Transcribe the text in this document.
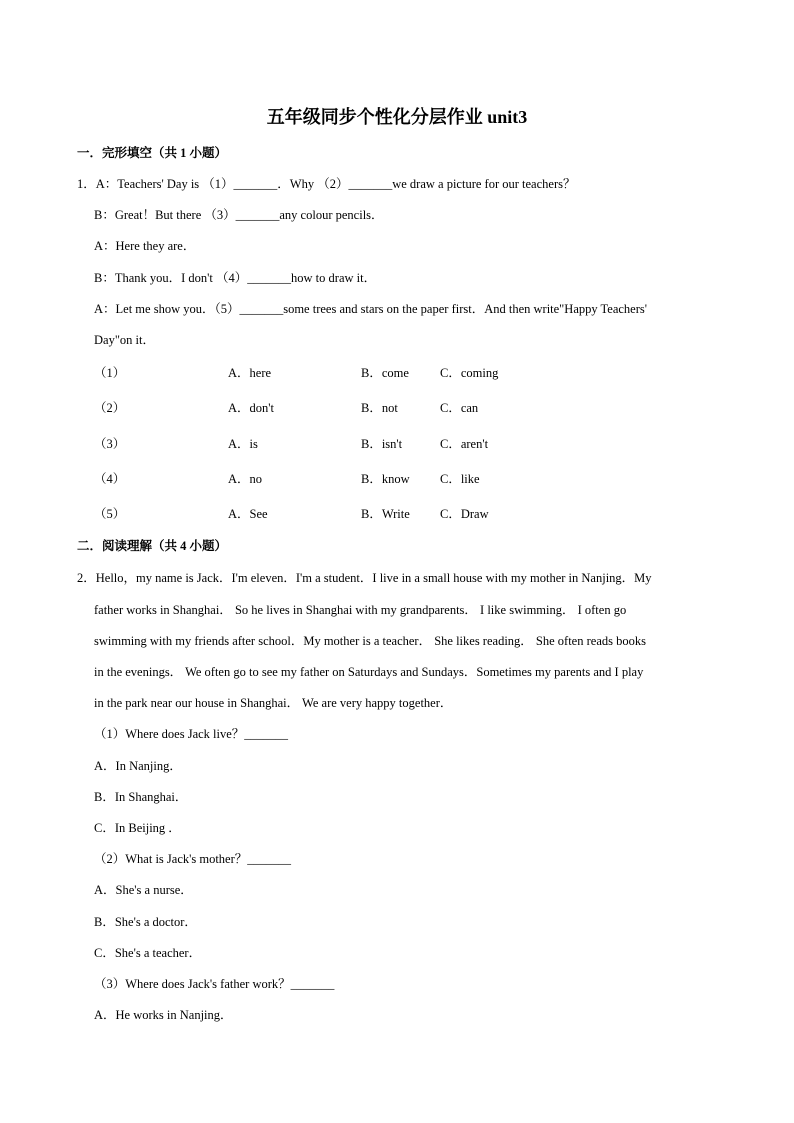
五年级同步个性化分层作业 unit3
一．完形填空（共 1 小题）
1．A：Teachers' Day is （1）_______．Why （2）_______we draw a picture for our teachers？
B：Great！But there （3）_______any colour pencils．
A：Here they are．
B：Thank you．I don't （4）_______how to draw it．
A：Let me show you．（5）_______some trees and stars on the paper first．And then write"Happy Teachers'
Day"on it．
（1）	A．here	B．come C．coming
（2）	A．don't	B．not	C．can
（3）	A．is	B．isn't	C．aren't
（4）	A．no	B．know C．like
（5）	A．See	B．Write C．Draw
二．阅读理解（共 4 小题）
2．Hello，my name is Jack．I'm eleven．I'm a student．I live in a small house with my mother in Nanjing．My
father works in Shanghai． So he lives in Shanghai with my grandparents． I like swimming． I often go
swimming with my friends after school．My mother is a teacher． She likes reading． She often reads books
in the evenings． We often go to see my father on Saturdays and Sundays．Sometimes my parents and I play
in the park near our house in Shanghai． We are very happy together．
（1）Where does Jack live？_______
A．In Nanjing．
B．In Shanghai．
C．In Beijing ．
（2）What is Jack's mother？_______
A．She's a nurse．
B．She's a doctor．
C．She's a teacher．
（3）Where does Jack's father work？_______
A．He works in Nanjing．
